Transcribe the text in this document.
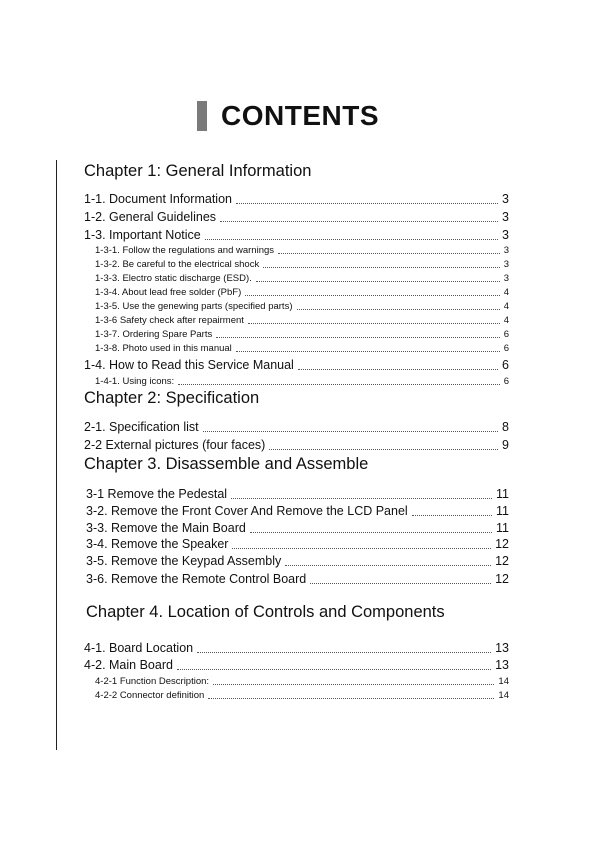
CONTENTS
Chapter 1: General Information
1-1. Document Information	3
1-2. General Guidelines	3
1-3. Important Notice	3
1-3-1. Follow the regulations and warnings	3
1-3-2. Be careful to the electrical shock	3
1-3-3. Electro static discharge (ESD).	3
1-3-4. About lead free solder (PbF)	4
1-3-5. Use the genewing parts (specified parts)	4
1-3-6 Safety check after repairment	4
1-3-7. Ordering Spare Parts	6
1-3-8. Photo used in this manual	6
1-4. How to Read this Service Manual	6
1-4-1. Using icons:	6
Chapter 2: Specification
2-1. Specification list	8
2-2 External pictures (four faces)	9
Chapter 3. Disassemble and Assemble
3-1 Remove the Pedestal	11
3-2. Remove the Front Cover And Remove the LCD Panel	11
3-3. Remove the Main Board	11
3-4. Remove the Speaker	12
3-5. Remove the Keypad Assembly	12
3-6. Remove the Remote Control Board	12
Chapter 4. Location of Controls and Components
4-1. Board Location	13
4-2. Main Board	13
4-2-1 Function Description:	14
4-2-2 Connector definition	14
